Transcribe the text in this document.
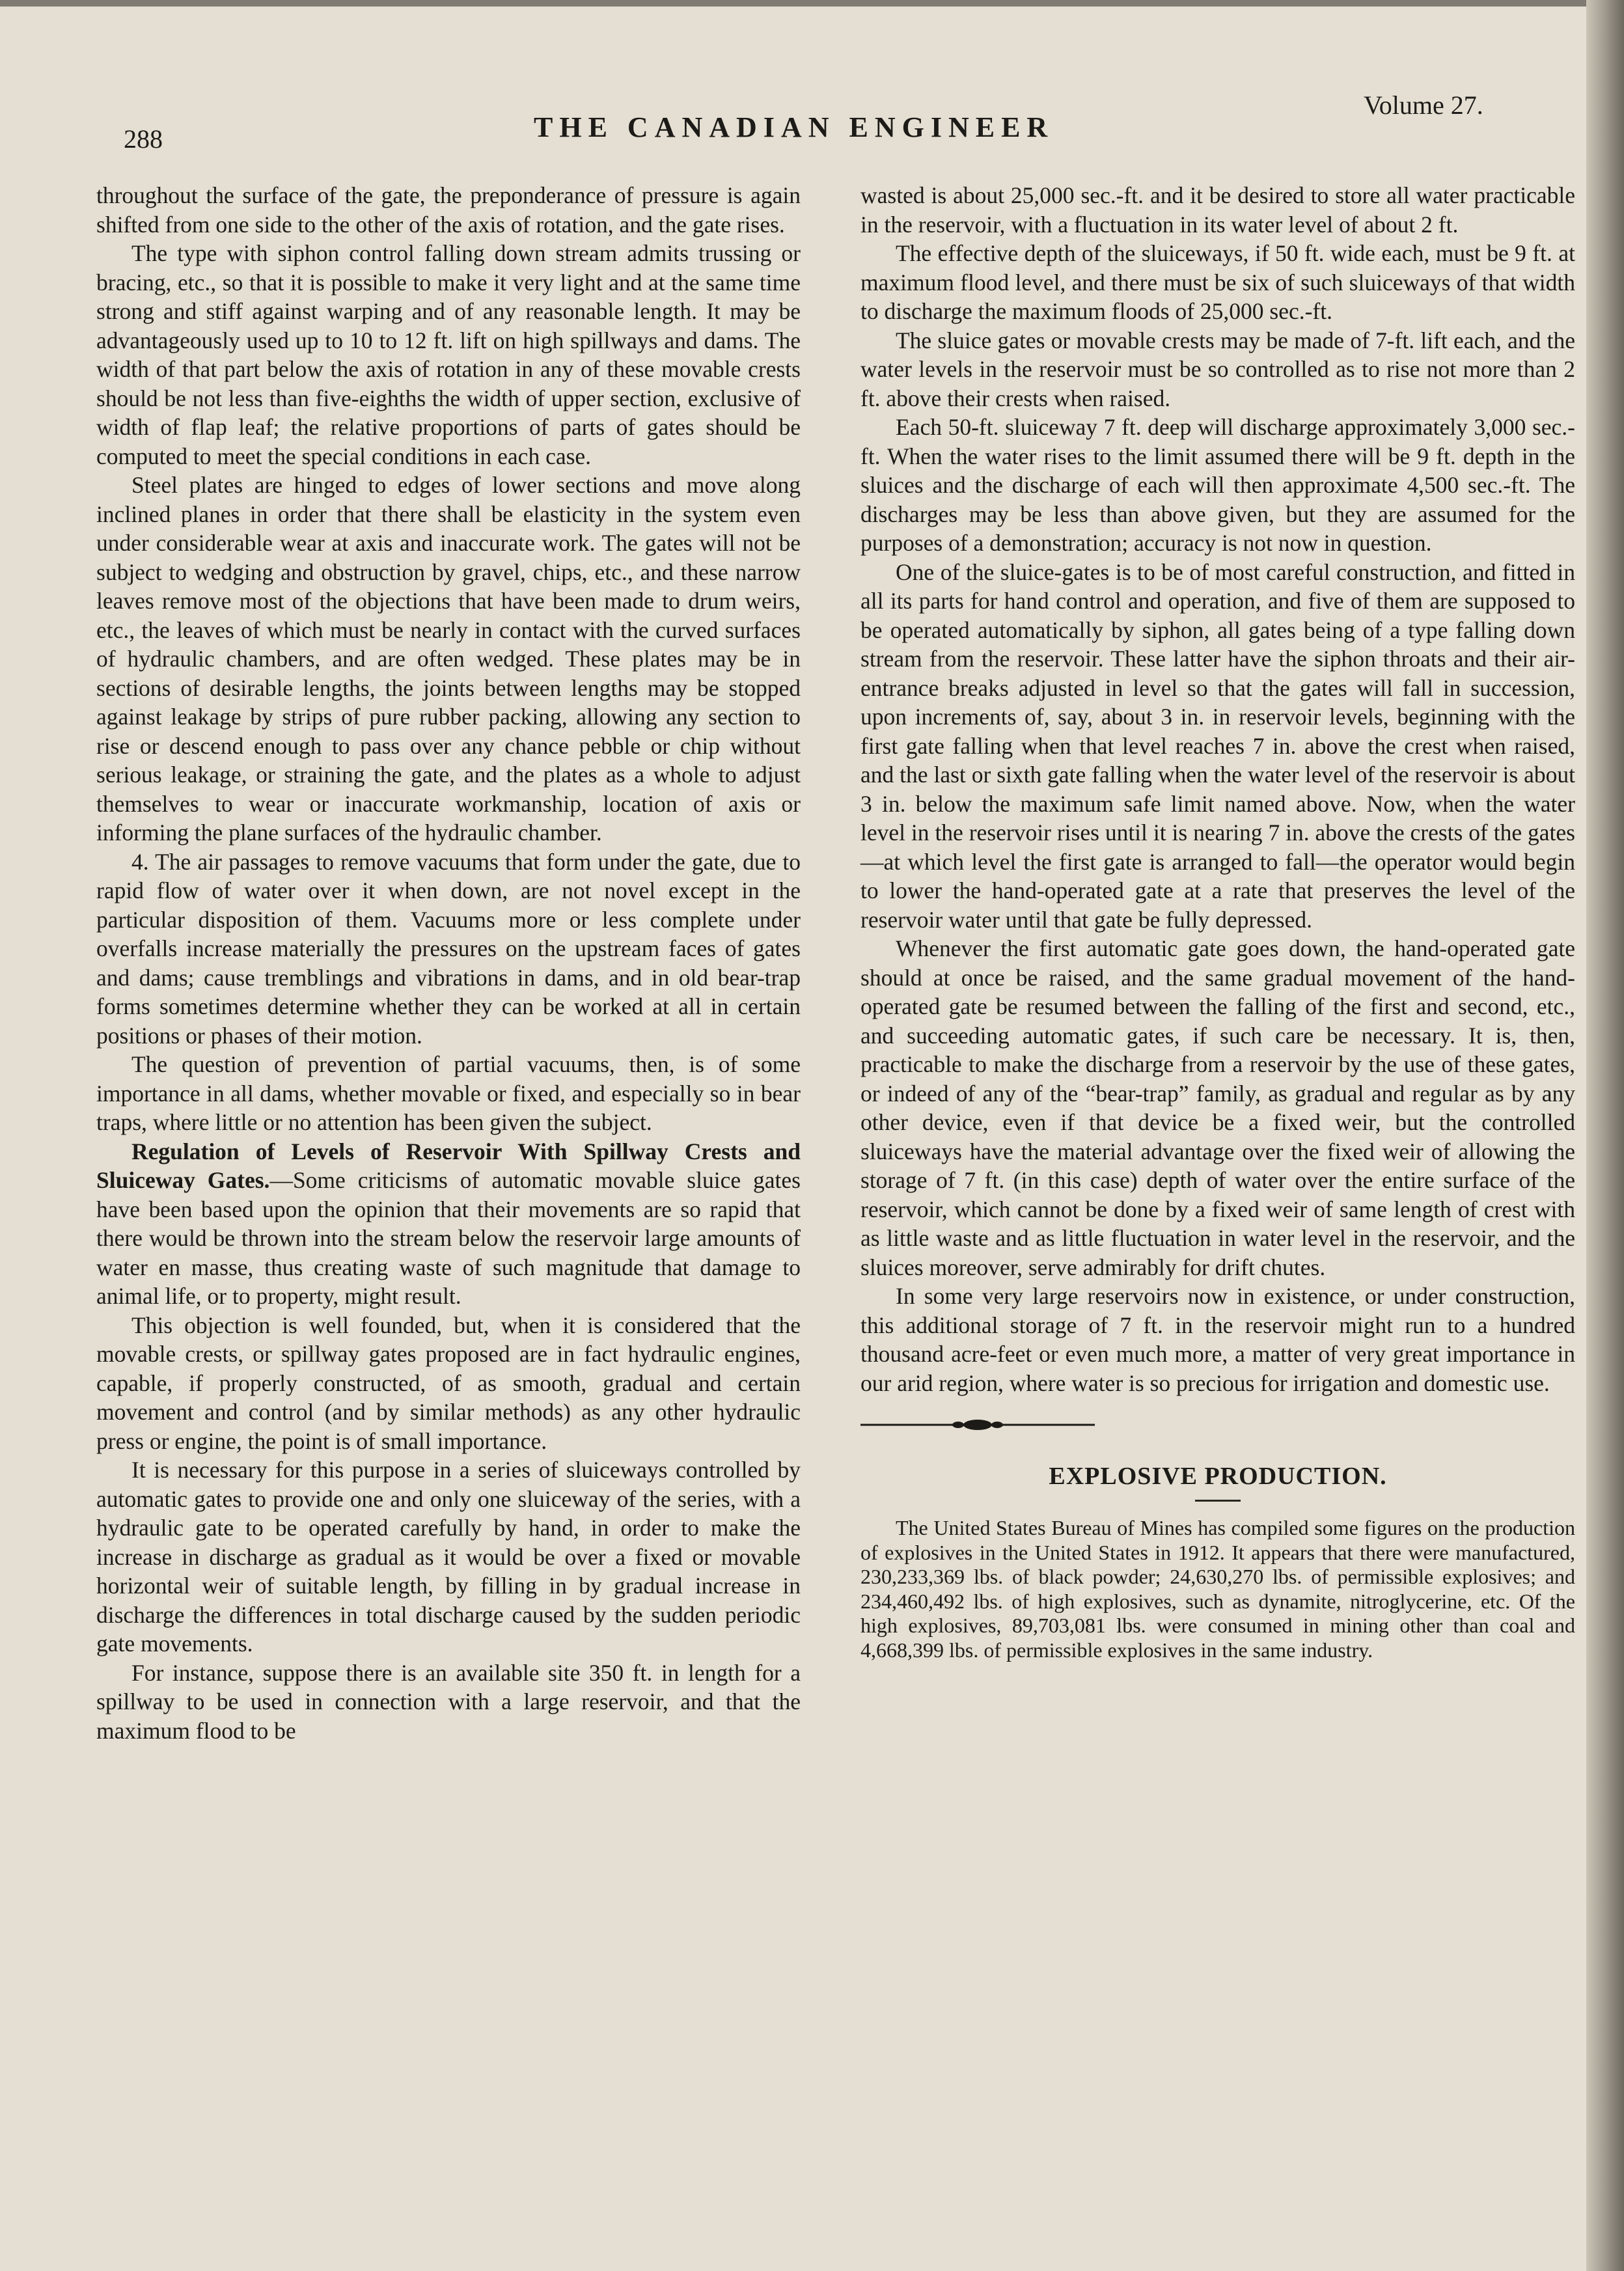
288	THE CANADIAN ENGINEER
Volume 27.

throughout the surface of the gate, the preponderance of pressure is again shifted from one side to the other of the axis of rotation, and the gate rises.

The type with siphon control falling down stream admits trussing or bracing, etc., so that it is possible to make it very light and at the same time strong and stiff against warping and of any reasonable length. It may be advantageously used up to 10 to 12 ft. lift on high spillways and dams. The width of that part below the axis of rotation in any of these movable crests should be not less than five-eighths the width of upper section, exclusive of width of flap leaf; the relative proportions of parts of gates should be computed to meet the special conditions in each case.

Steel plates are hinged to edges of lower sections and move along inclined planes in order that there shall be elasticity in the system even under considerable wear at axis and inaccurate work. The gates will not be subject to wedging and obstruction by gravel, chips, etc., and these narrow leaves remove most of the objections that have been made to drum weirs, etc., the leaves of which must be nearly in contact with the curved surfaces of hydraulic chambers, and are often wedged. These plates may be in sections of desirable lengths, the joints between lengths may be stopped against leakage by strips of pure rubber packing, allowing any section to rise or descend enough to pass over any chance pebble or chip without serious leakage, or straining the gate, and the plates as a whole to adjust themselves to wear or inaccurate workmanship, location of axis or informing the plane surfaces of the hydraulic chamber.

4. The air passages to remove vacuums that form under the gate, due to rapid flow of water over it when down, are not novel except in the particular disposition of them. Vacuums more or less complete under overfalls increase materially the pressures on the upstream faces of gates and dams; cause tremblings and vibrations in dams, and in old bear-trap forms sometimes determine whether they can be worked at all in certain positions or phases of their motion.

The question of prevention of partial vacuums, then, is of some importance in all dams, whether movable or fixed, and especially so in bear traps, where little or no attention has been given the subject.

Regulation of Levels of Reservoir With Spillway Crests and Sluiceway Gates.—Some criticisms of automatic movable sluice gates have been based upon the opinion that their movements are so rapid that there would be thrown into the stream below the reservoir large amounts of water en masse, thus creating waste of such magnitude that damage to animal life, or to property, might result.

This objection is well founded, but, when it is considered that the movable crests, or spillway gates proposed are in fact hydraulic engines, capable, if properly constructed, of as smooth, gradual and certain movement and control (and by similar methods) as any other hydraulic press or engine, the point is of small importance.

It is necessary for this purpose in a series of sluiceways controlled by automatic gates to provide one and only one sluiceway of the series, with a hydraulic gate to be operated carefully by hand, in order to make the increase in discharge as gradual as it would be over a fixed or movable horizontal weir of suitable length, by filling in by gradual increase in discharge the differences in total discharge caused by the sudden periodic gate movements.

For instance, suppose there is an available site 350 ft. in length for a spillway to be used in connection with a large reservoir, and that the maximum flood to be

wasted is about 25,000 sec.-ft. and it be desired to store all water practicable in the reservoir, with a fluctuation in its water level of about 2 ft.

The effective depth of the sluiceways, if 50 ft. wide each, must be 9 ft. at maximum flood level, and there must be six of such sluiceways of that width to discharge the maximum floods of 25,000 sec.-ft.

The sluice gates or movable crests may be made of 7-ft. lift each, and the water levels in the reservoir must be so controlled as to rise not more than 2 ft. above their crests when raised.

Each 50-ft. sluiceway 7 ft. deep will discharge approximately 3,000 sec.-ft. When the water rises to the limit assumed there will be 9 ft. depth in the sluices and the discharge of each will then approximate 4,500 sec.-ft. The discharges may be less than above given, but they are assumed for the purposes of a demonstration; accuracy is not now in question.

One of the sluice-gates is to be of most careful construction, and fitted in all its parts for hand control and operation, and five of them are supposed to be operated automatically by siphon, all gates being of a type falling down stream from the reservoir. These latter have the siphon throats and their air-entrance breaks adjusted in level so that the gates will fall in succession, upon increments of, say, about 3 in. in reservoir levels, beginning with the first gate falling when that level reaches 7 in. above the crest when raised, and the last or sixth gate falling when the water level of the reservoir is about 3 in. below the maximum safe limit named above. Now, when the water level in the reservoir rises until it is nearing 7 in. above the crests of the gates—at which level the first gate is arranged to fall—the operator would begin to lower the hand-operated gate at a rate that preserves the level of the reservoir water until that gate be fully depressed.

Whenever the first automatic gate goes down, the hand-operated gate should at once be raised, and the same gradual movement of the hand-operated gate be resumed between the falling of the first and second, etc., and succeeding automatic gates, if such care be necessary. It is, then, practicable to make the discharge from a reservoir by the use of these gates, or indeed of any of the “bear-trap” family, as gradual and regular as by any other device, even if that device be a fixed weir, but the controlled sluiceways have the material advantage over the fixed weir of allowing the storage of 7 ft. (in this case) depth of water over the entire surface of the reservoir, which cannot be done by a fixed weir of same length of crest with as little waste and as little fluctuation in water level in the reservoir, and the sluices moreover, serve admirably for drift chutes.

In some very large reservoirs now in existence, or under construction, this additional storage of 7 ft. in the reservoir might run to a hundred thousand acre-feet or even much more, a matter of very great importance in our arid region, where water is so precious for irrigation and domestic use.

EXPLOSIVE PRODUCTION.

The United States Bureau of Mines has compiled some figures on the production of explosives in the United States in 1912. It appears that there were manufactured, 230,233,369 lbs. of black powder; 24,630,270 lbs. of permissible explosives; and 234,460,492 lbs. of high explosives, such as dynamite, nitroglycerine, etc. Of the high explosives, 89,703,081 lbs. were consumed in mining other than coal and 4,668,399 lbs. of permissible explosives in the same industry.
